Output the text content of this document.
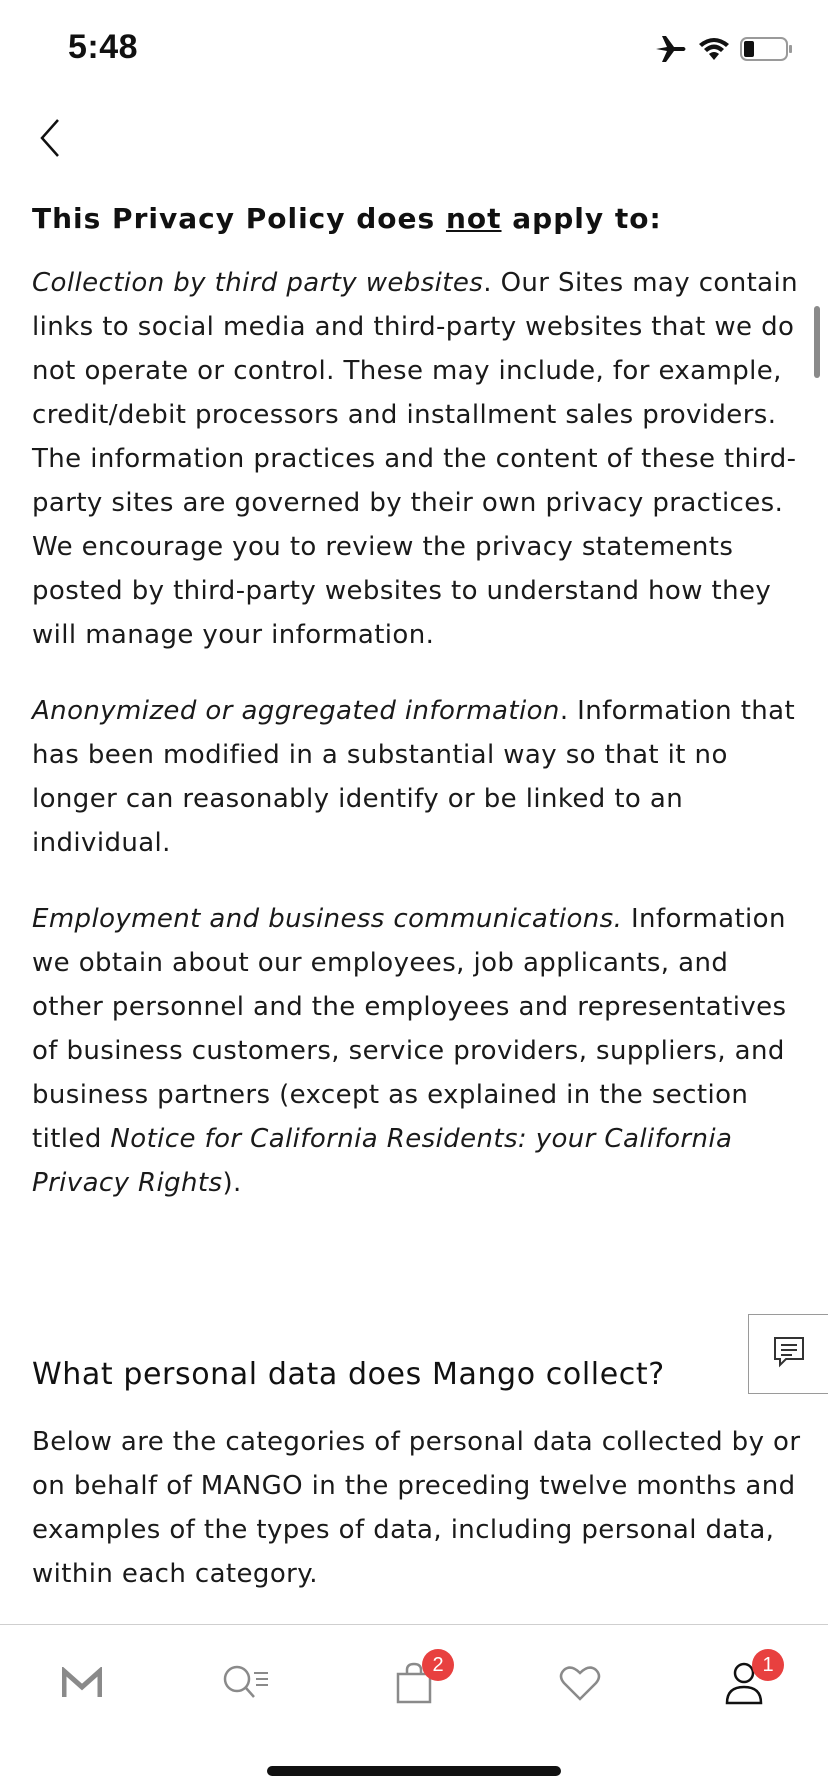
5:48
This Privacy Policy does not apply to:

Collection by third party websites. Our Sites may contain links to social media and third-party websites that we do not operate or control. These may include, for example, credit/debit processors and installment sales providers. The information practices and the content of these third-party sites are governed by their own privacy practices. We encourage you to review the privacy statements posted by third-party websites to understand how they will manage your information.

Anonymized or aggregated information. Information that has been modified in a substantial way so that it no longer can reasonably identify or be linked to an individual.

Employment and business communications. Information we obtain about our employees, job applicants, and other personnel and the employees and representatives of business customers, service providers, suppliers, and business partners (except as explained in the section titled Notice for California Residents: your California Privacy Rights).

What personal data does Mango collect?

Below are the categories of personal data collected by or on behalf of MANGO in the preceding twelve months and examples of the types of data, including personal data, within each category.

2	1
